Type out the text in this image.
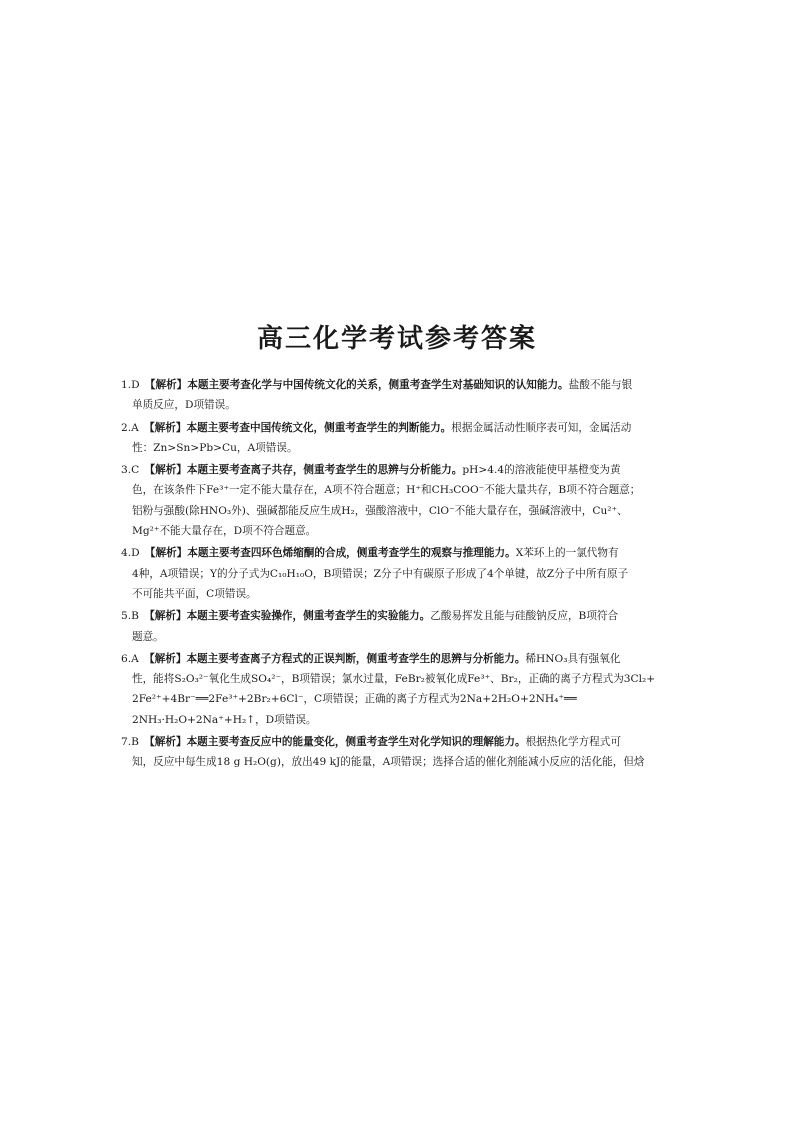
高三化学考试参考答案
1.D  【解析】本题主要考查化学与中国传统文化的关系，侧重考查学生对基础知识的认知能力。盐酸不能与银
单质反应，D项错误。
2.A  【解析】本题主要考查中国传统文化，侧重考查学生的判断能力。根据金属活动性顺序表可知，金属活动
性：Zn>Sn>Pb>Cu，A项错误。
3.C  【解析】本题主要考查离子共存，侧重考查学生的思辨与分析能力。pH>4.4的溶液能使甲基橙变为黄
色，在该条件下Fe³⁺一定不能大量存在，A项不符合题意；H⁺和CH₃COO⁻不能大量共存，B项不符合题意；
铝粉与强酸(除HNO₃外)、强碱都能反应生成H₂，强酸溶液中，ClO⁻不能大量存在，强碱溶液中，Cu²⁺、
Mg²⁺不能大量存在，D项不符合题意。
4.D  【解析】本题主要考查四环色烯缩酮的合成，侧重考查学生的观察与推理能力。X苯环上的一氯代物有
4种，A项错误；Y的分子式为C₁₀H₁₀O，B项错误；Z分子中有碳原子形成了4个单键，故Z分子中所有原子
不可能共平面，C项错误。
5.B  【解析】本题主要考查实验操作，侧重考查学生的实验能力。乙酸易挥发且能与硅酸钠反应，B项符合
题意。
6.A  【解析】本题主要考查离子方程式的正误判断，侧重考查学生的思辨与分析能力。稀HNO₃具有强氧化
性，能将S₂O₃²⁻氧化生成SO₄²⁻，B项错误；氯水过量，FeBr₂被氧化成Fe³⁺、Br₂，正确的离子方程式为3Cl₂+
2Fe²⁺+4Br⁻══2Fe³⁺+2Br₂+6Cl⁻，C项错误；正确的离子方程式为2Na+2H₂O+2NH₄⁺══
2NH₃·H₂O+2Na⁺+H₂↑，D项错误。
7.B  【解析】本题主要考查反应中的能量变化，侧重考查学生对化学知识的理解能力。根据热化学方程式可
知，反应中每生成18 g H₂O(g)，放出49 kJ的能量，A项错误；选择合适的催化剂能减小反应的活化能，但焓
